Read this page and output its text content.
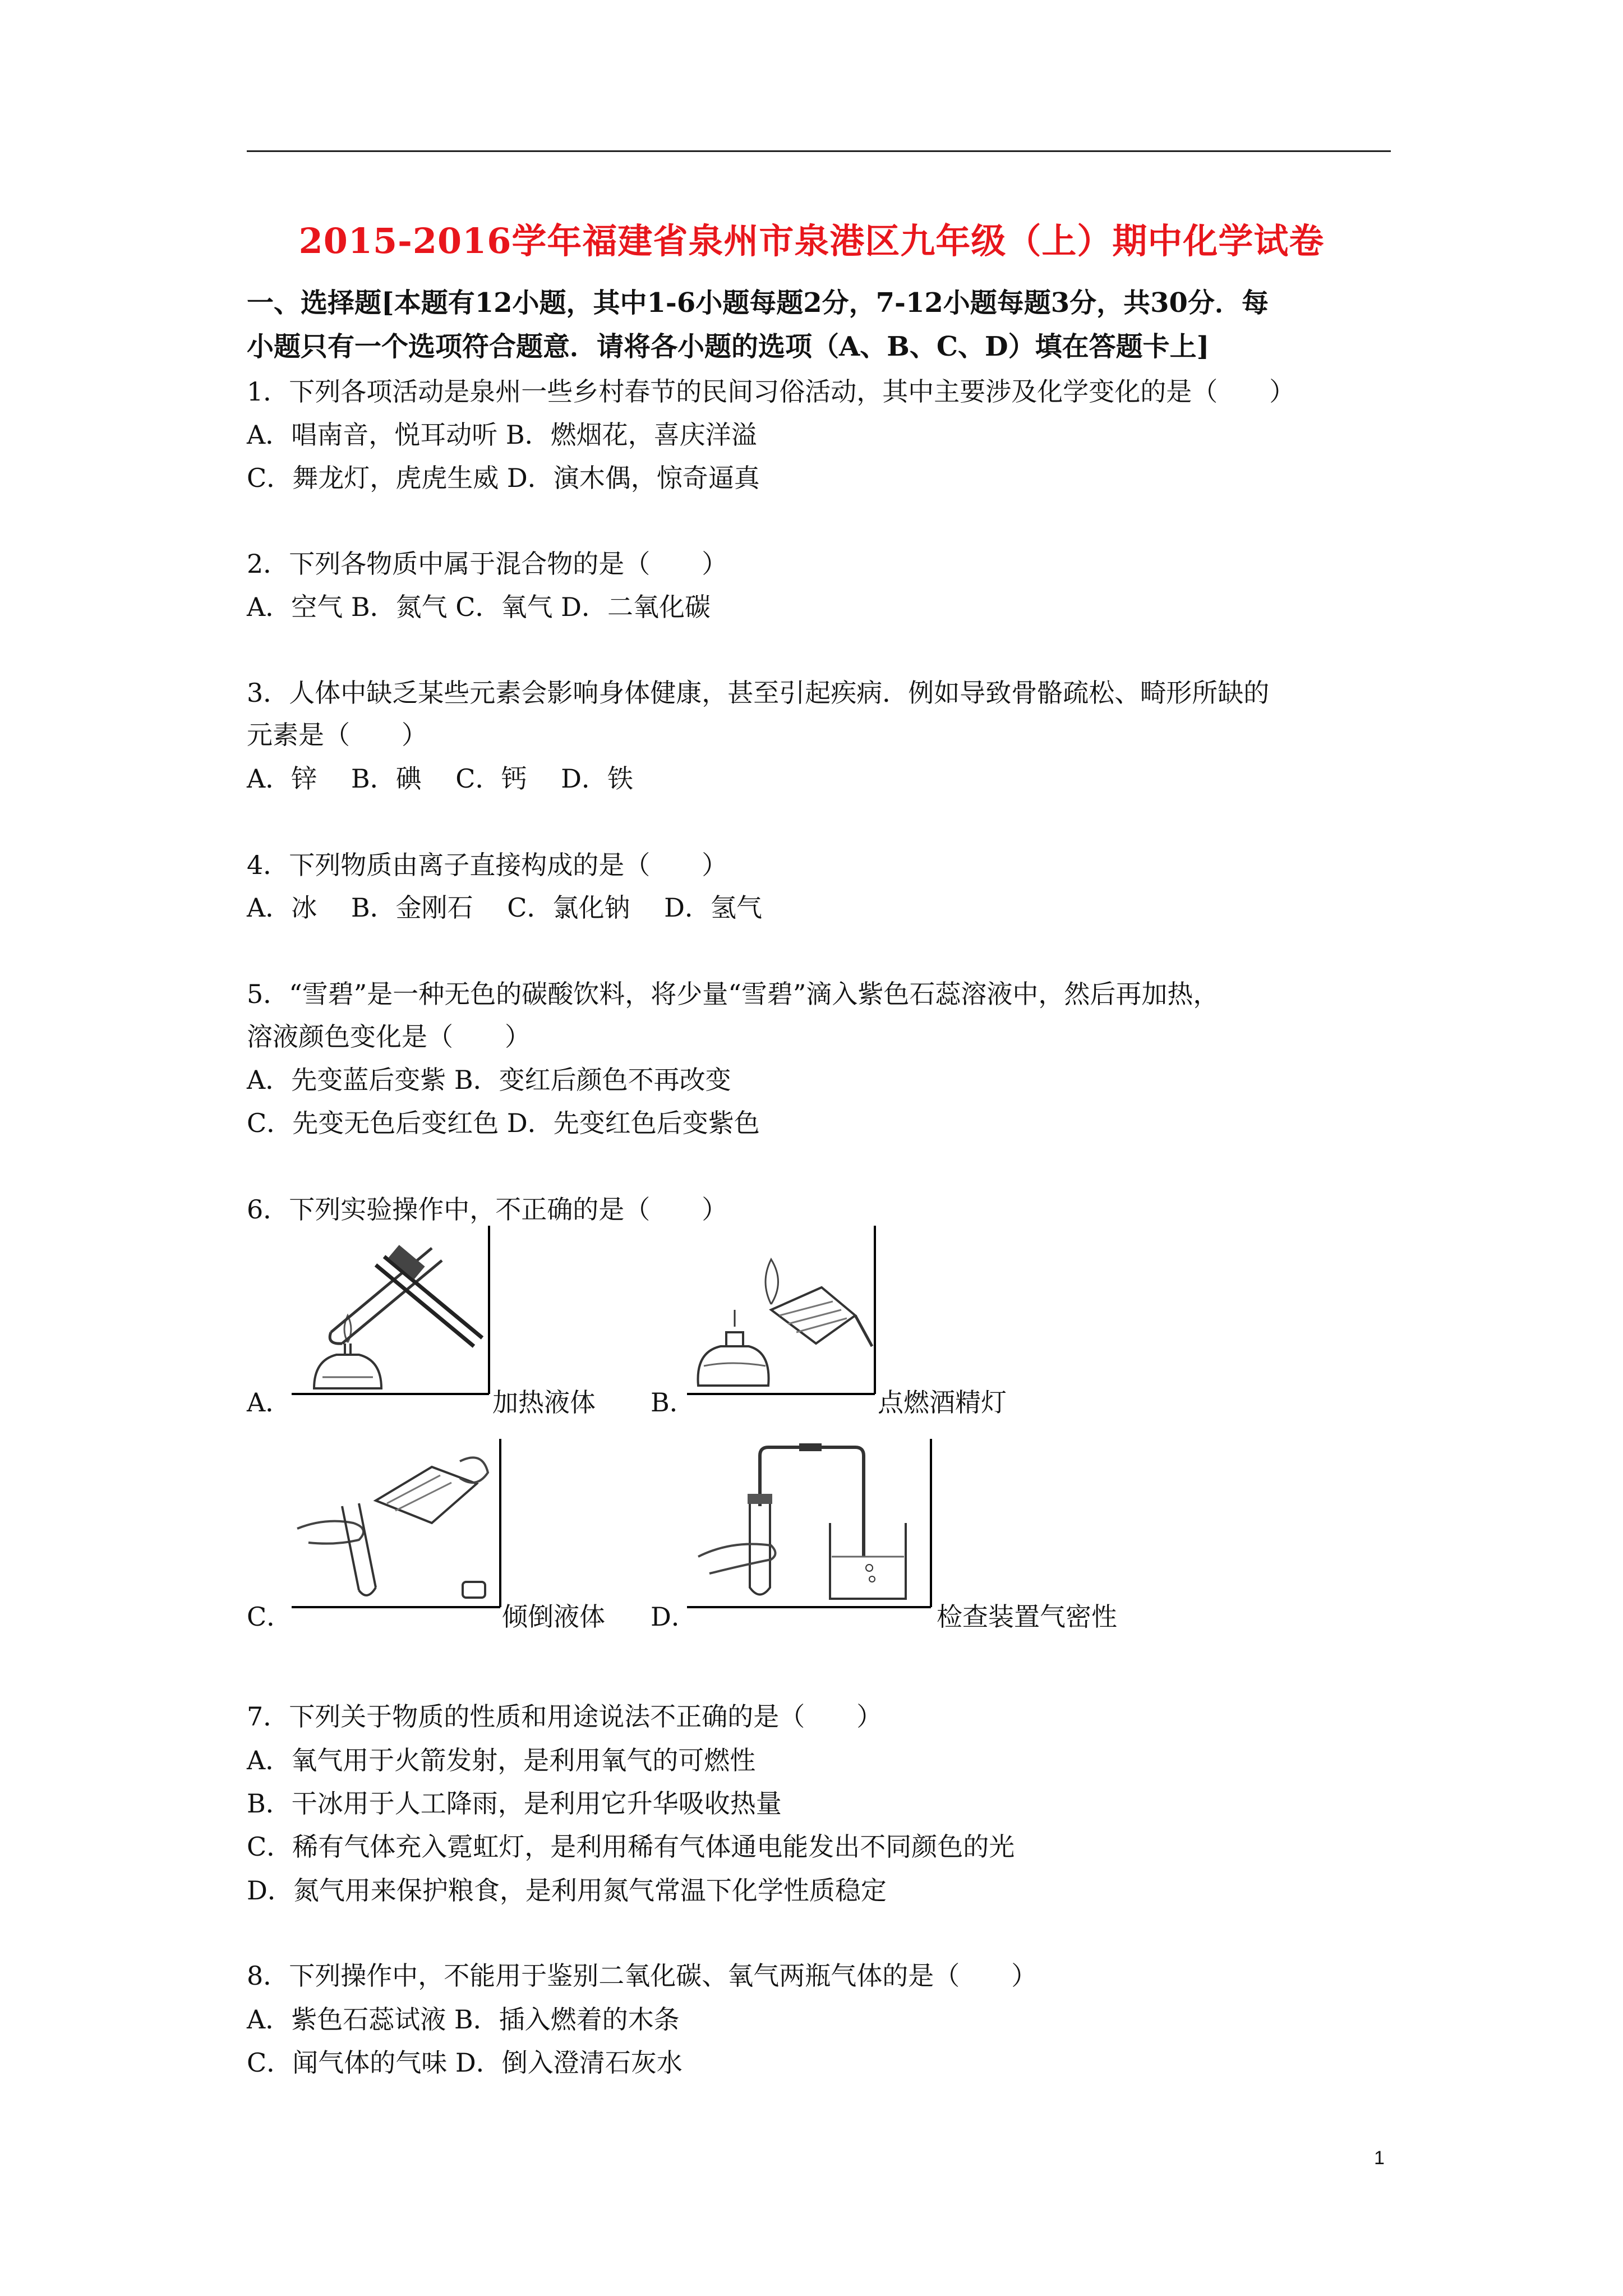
2015-2016学年福建省泉州市泉港区九年级（上）期中化学试卷
一、选择题[本题有12小题，其中1-6小题每题2分，7-12小题每题3分，共30分．每
小题只有一个选项符合题意．请将各小题的选项（A、B、C、D）填在答题卡上]
1．下列各项活动是泉州一些乡村春节的民间习俗活动，其中主要涉及化学变化的是（　　）
A．唱南音，悦耳动听 B．燃烟花，喜庆洋溢
C．舞龙灯，虎虎生威 D．演木偶，惊奇逼真
2．下列各物质中属于混合物的是（　　）
A．空气 B．氮气 C．氧气 D．二氧化碳
3．人体中缺乏某些元素会影响身体健康，甚至引起疾病．例如导致骨骼疏松、畸形所缺的
元素是（　　）
A．锌　 B．碘　 C．钙　 D．铁
4．下列物质由离子直接构成的是（　　）
A．冰　 B．金刚石　 C．氯化钠　 D．氢气
5．“雪碧”是一种无色的碳酸饮料，将少量“雪碧”滴入紫色石蕊溶液中，然后再加热，
溶液颜色变化是（　　）
A．先变蓝后变紫 B．变红后颜色不再改变
C．先变无色后变红色 D．先变红色后变紫色
6．下列实验操作中，不正确的是（　　）
A．	加热液体 B．	点燃酒精灯
C．	倾倒液体 D．	检查装置气密性
7．下列关于物质的性质和用途说法不正确的是（　　）
A．氧气用于火箭发射，是利用氧气的可燃性
B．干冰用于人工降雨，是利用它升华吸收热量
C．稀有气体充入霓虹灯，是利用稀有气体通电能发出不同颜色的光
D．氮气用来保护粮食，是利用氮气常温下化学性质稳定
8．下列操作中，不能用于鉴别二氧化碳、氧气两瓶气体的是（　　）
A．紫色石蕊试液 B．插入燃着的木条
C．闻气体的气味 D．倒入澄清石灰水
1
